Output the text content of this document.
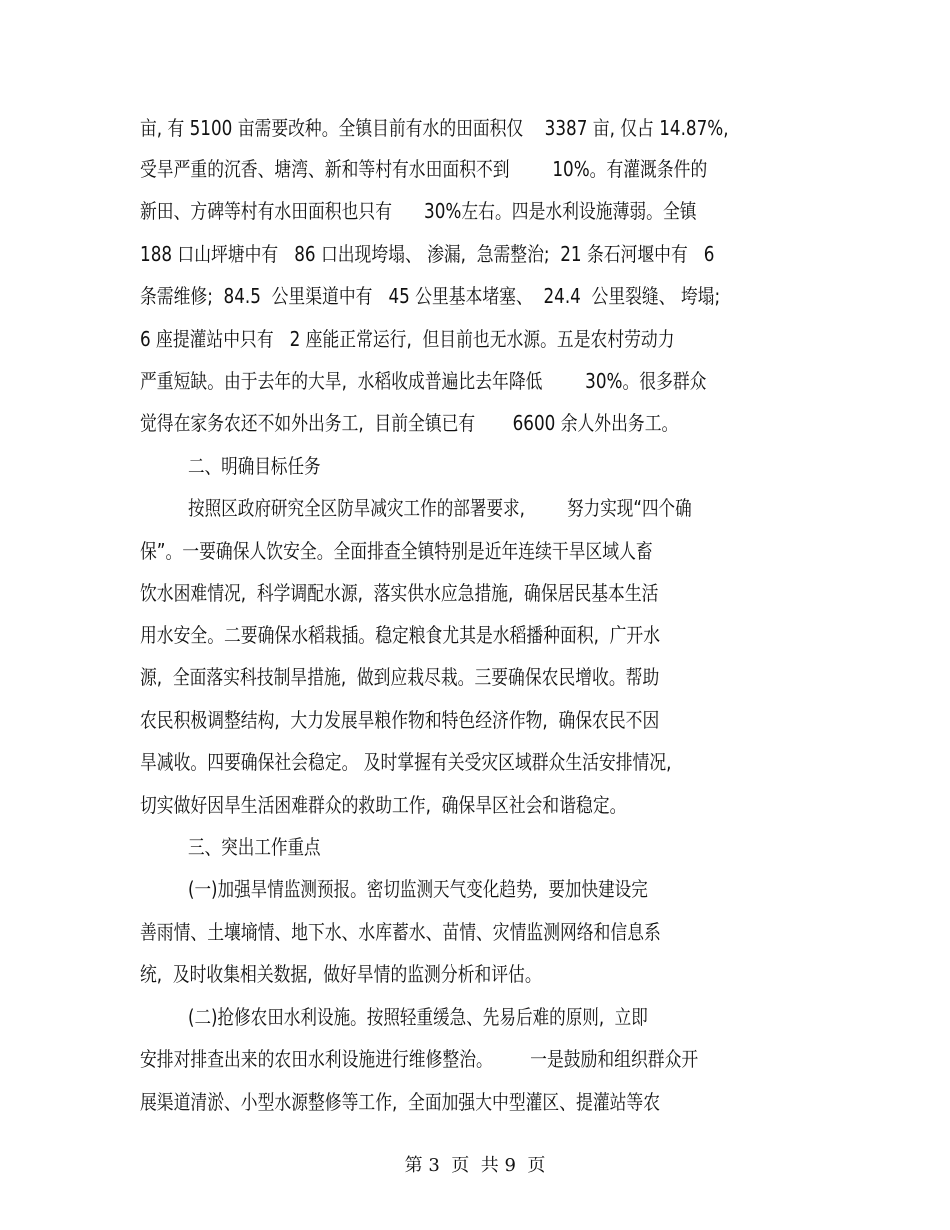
亩, 有 5100 亩需要改种。全镇目前有水的田面积仅    3387 亩, 仅占 14.87%,
受旱严重的沉香、塘湾、新和等村有水田面积不到        10%。有灌溉条件的
新田、方碑等村有水田面积也只有      30%左右。四是水利设施薄弱。全镇
188 口山坪塘中有   86 口出现垮塌、 渗漏,  急需整治;  21 条石河堰中有   6
条需维修;  84.5  公里渠道中有   45 公里基本堵塞、  24.4  公里裂缝、 垮塌;
6 座提灌站中只有   2 座能正常运行,  但目前也无水源。五是农村劳动力
严重短缺。由于去年的大旱,  水稻收成普遍比去年降低        30%。很多群众
觉得在家务农还不如外出务工,  目前全镇已有       6600 余人外出务工。
二、明确目标任务
按照区政府研究全区防旱减灾工作的部署要求,        努力实现“四个确
保”。一要确保人饮安全。全面排查全镇特别是近年连续干旱区域人畜
饮水困难情况,  科学调配水源,  落实供水应急措施,  确保居民基本生活
用水安全。二要确保水稻栽插。稳定粮食尤其是水稻播种面积,  广开水
源,  全面落实科技制旱措施,  做到应栽尽栽。三要确保农民增收。帮助
农民积极调整结构,  大力发展旱粮作物和特色经济作物,  确保农民不因
旱减收。四要确保社会稳定。 及时掌握有关受灾区域群众生活安排情况,
切实做好因旱生活困难群众的救助工作,  确保旱区社会和谐稳定。
三、突出工作重点
(一)加强旱情监测预报。密切监测天气变化趋势,  要加快建设完
善雨情、土壤墒情、地下水、水库蓄水、苗情、灾情监测网络和信息系
统,  及时收集相关数据,  做好旱情的监测分析和评估。
(二)抢修农田水利设施。按照轻重缓急、先易后难的原则,  立即
安排对排查出来的农田水利设施进行维修整治。       一是鼓励和组织群众开
展渠道清淤、小型水源整修等工作,  全面加强大中型灌区、提灌站等农
第 3  页  共 9  页
